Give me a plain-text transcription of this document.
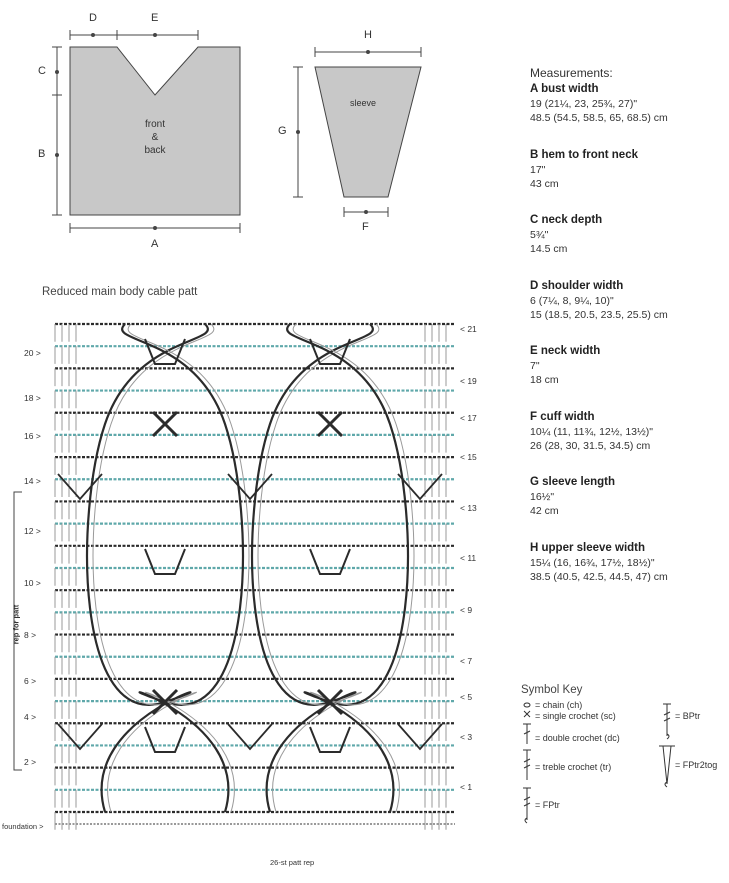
D	E
C
B
A
H
F
G
front
&
back
sleeve
Measurements:
A bust width
19 (21¼, 23, 25¾, 27)"
48.5 (54.5, 58.5, 65, 68.5) cm
B hem to front neck
17"
43 cm
C neck depth
5¾"
14.5 cm
D shoulder width
6 (7¼, 8, 9¼, 10)"
15 (18.5, 20.5, 23.5, 25.5) cm
E neck width
7"
18 cm
F cuff width
10¼ (11, 11¾, 12½, 13½)"
26 (28, 30, 31.5, 34.5) cm
G sleeve length
16½"
42 cm
H upper sleeve width
15¼ (16, 16¾, 17½, 18½)"
38.5 (40.5, 42.5, 44.5, 47) cm
Reduced main body cable patt
20 >
18 >
16 >
14 >
12 >
10 >
8 >
6 >
4 >
2 >
< 21
< 19
< 17
< 15
< 13
< 11
< 9
< 7
< 5
< 3
< 1
rep for patt
foundation >
26-st patt rep
Symbol Key
= chain (ch)
= single crochet (sc)
= double crochet (dc)
= treble crochet (tr)
= FPtr
= BPtr
= FPtr2tog
